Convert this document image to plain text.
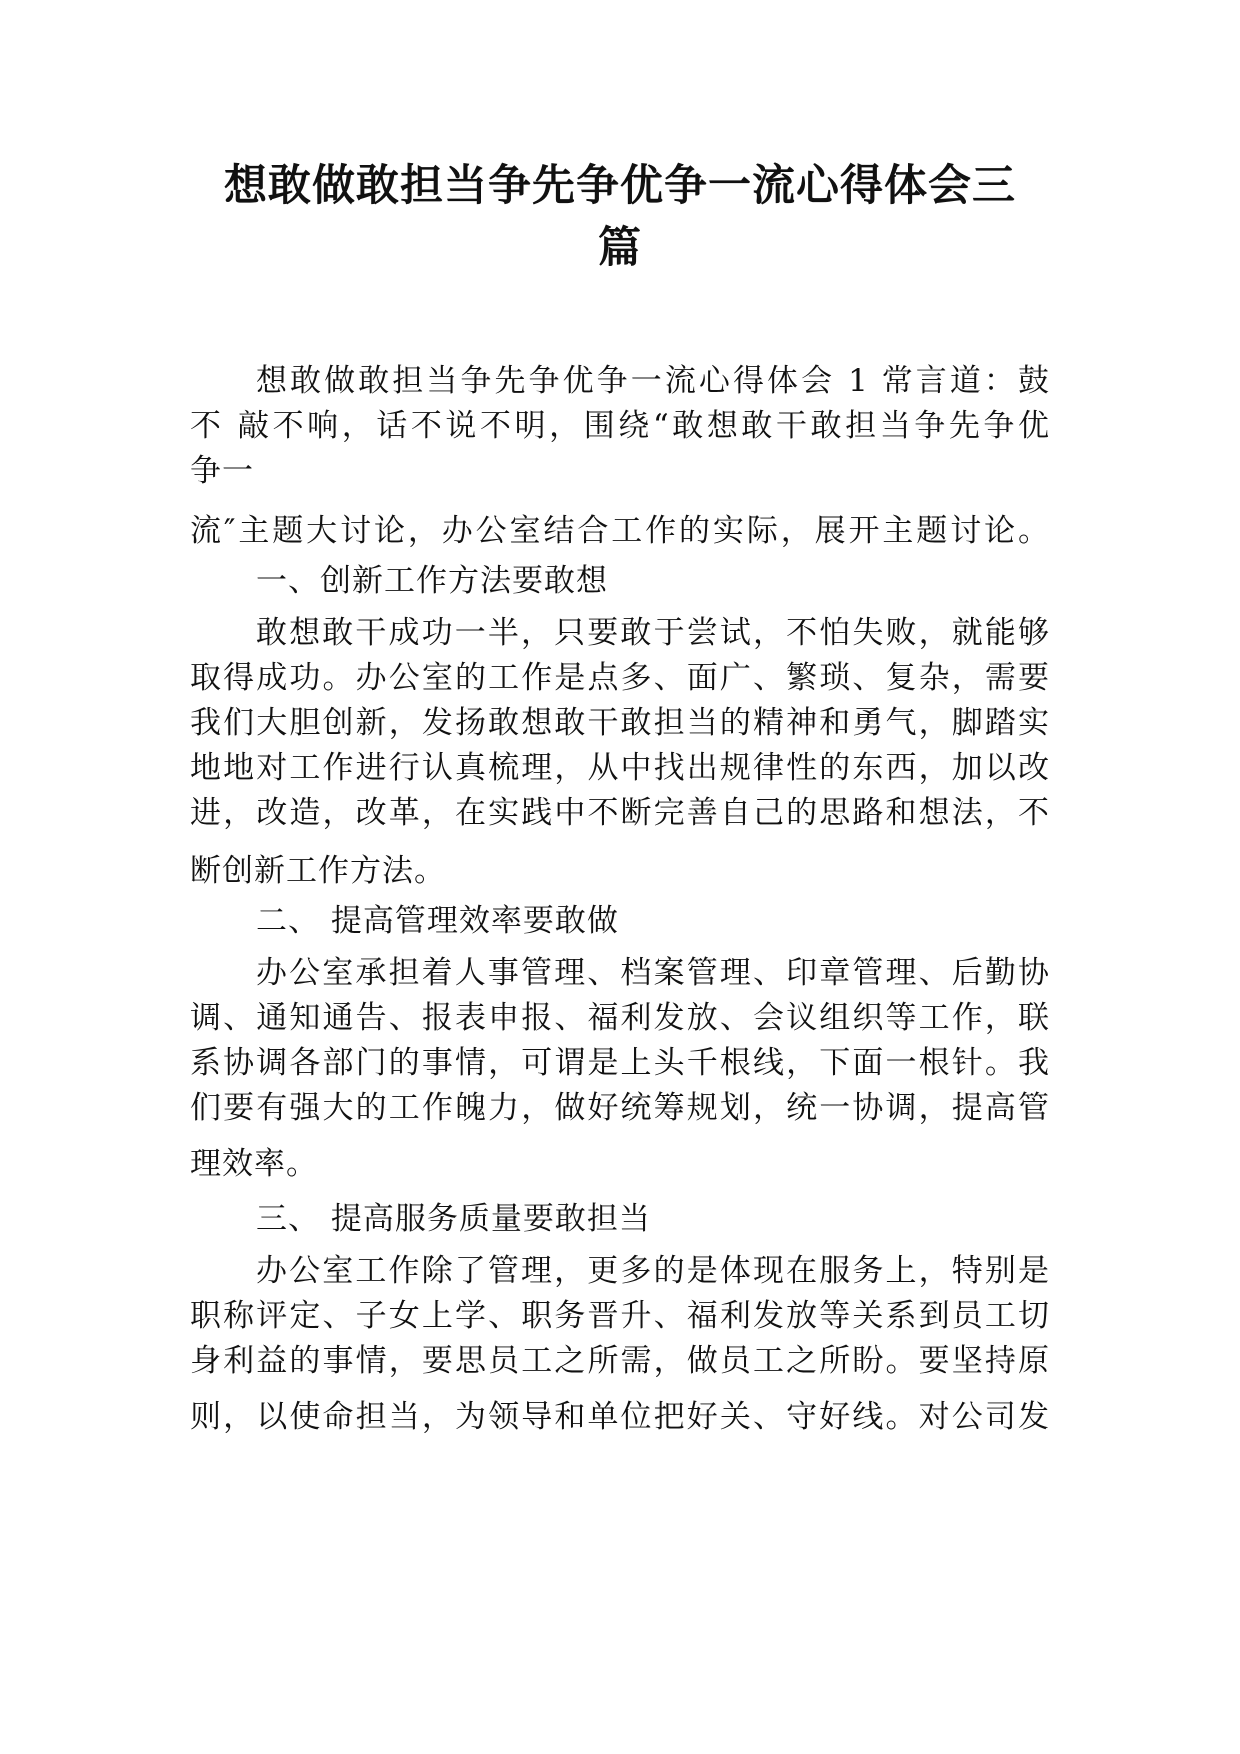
想敢做敢担当争先争优争一流心得体会三
篇

想敢做敢担当争先争优争一流心得体会 1 常言道：鼓

不 敲不响，话不说不明，围绕“敢想敢干敢担当争先争优

争一

流″主题大讨论，办公室结合工作的实际，展开主题讨论。

一、创新工作方法要敢想

敢想敢干成功一半，只要敢于尝试，不怕失败，就能够

取得成功。办公室的工作是点多、面广、繁琐、复杂，需要

我们大胆创新，发扬敢想敢干敢担当的精神和勇气，脚踏实

地地对工作进行认真梳理，从中找出规律性的东西，加以改

进，改造，改革，在实践中不断完善自己的思路和想法，不

断创新工作方法。

二、 提高管理效率要敢做

办公室承担着人事管理、档案管理、印章管理、后勤协

调、通知通告、报表申报、福利发放、会议组织等工作，联

系协调各部门的事情，可谓是上头千根线，下面一根针。我

们要有强大的工作魄力，做好统筹规划，统一协调，提高管

理效率。

三、 提高服务质量要敢担当

办公室工作除了管理，更多的是体现在服务上，特别是

职称评定、子女上学、职务晋升、福利发放等关系到员工切

身利益的事情，要思员工之所需，做员工之所盼。要坚持原

则，以使命担当，为领导和单位把好关、守好线。对公司发
